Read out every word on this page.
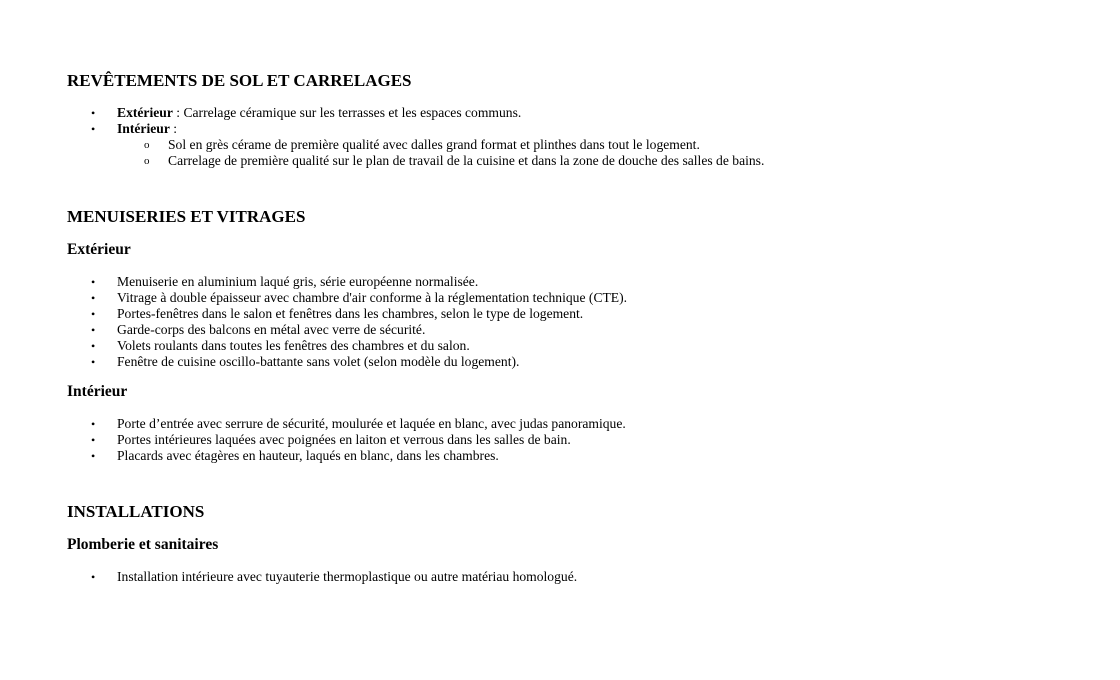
REVÊTEMENTS DE SOL ET CARRELAGES
• Extérieur : Carrelage céramique sur les terrasses et les espaces communs.
• Intérieur :
o Sol en grès cérame de première qualité avec dalles grand format et plinthes dans tout le logement.
o Carrelage de première qualité sur le plan de travail de la cuisine et dans la zone de douche des salles de bains.
MENUISERIES ET VITRAGES
Extérieur
• Menuiserie en aluminium laqué gris, série européenne normalisée.
• Vitrage à double épaisseur avec chambre d'air conforme à la réglementation technique (CTE).
• Portes-fenêtres dans le salon et fenêtres dans les chambres, selon le type de logement.
• Garde-corps des balcons en métal avec verre de sécurité.
• Volets roulants dans toutes les fenêtres des chambres et du salon.
• Fenêtre de cuisine oscillo-battante sans volet (selon modèle du logement).
Intérieur
• Porte d’entrée avec serrure de sécurité, moulurée et laquée en blanc, avec judas panoramique.
• Portes intérieures laquées avec poignées en laiton et verrous dans les salles de bain.
• Placards avec étagères en hauteur, laqués en blanc, dans les chambres.
INSTALLATIONS
Plomberie et sanitaires
• Installation intérieure avec tuyauterie thermoplastique ou autre matériau homologué.
